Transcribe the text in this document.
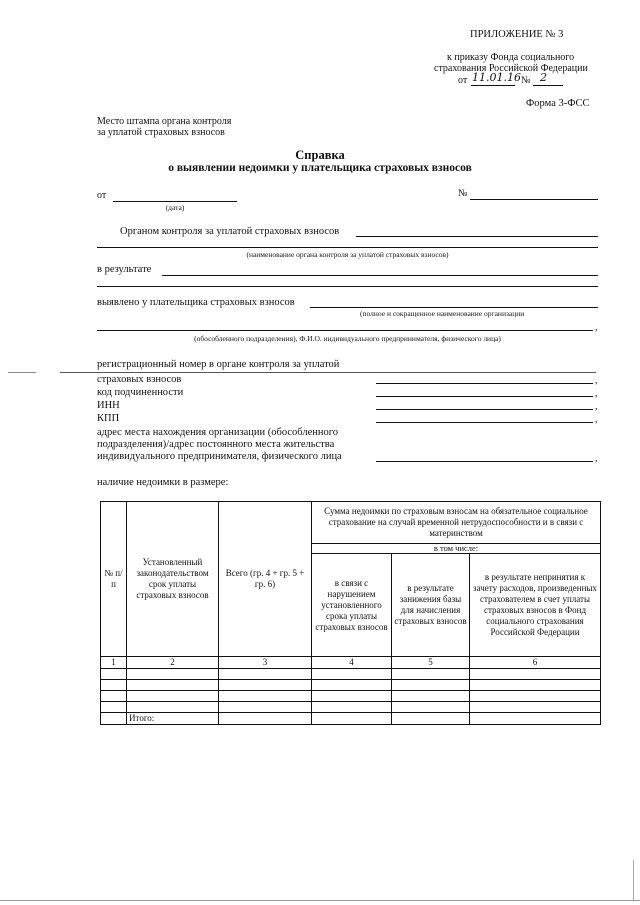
ПРИЛОЖЕНИЕ № 3
к приказу Фонда социального
страхования Российской Федерации
от 11.01.16 № 2
Форма 3-ФСС
Место штампа органа контроля
за уплатой страховых взносов
Справка
о выявлении недоимки у плательщика страховых взносов
от
(дата)
№
Органом контроля за уплатой страховых взносов
(наименование органа контроля за уплатой страховых взносов)
в результате
выявлено у плательщика страховых взносов
(полное и сокращенное наименование организации
,
(обособленного подразделения), Ф.И.О. индивидуального предпринимателя, физического лица)
регистрационный номер в органе контроля за уплатой
страховых взносов	,
код подчиненности	,
ИНН	,
КПП	,
адрес места нахождения организации (обособленного
подразделения)/адрес постоянного места жительства
индивидуального предпринимателя, физического лица	,
наличие недоимки в размере:
№ п/п	Установленный законодательством срок уплаты страховых взносов	Всего (гр. 4 + гр. 5 + гр. 6)	Сумма недоимки по страховым взносам на обязательное социальное страхование на случай временной нетрудоспособности и в связи с материнством		
			в том числе:		
			в связи с нарушением установленного срока уплаты страховых взносов	в результате занижения базы для начисления страховых взносов	в результате непринятия к зачету расходов, произведенных страхователем в счет уплаты страховых взносов в Фонд социального страхования Российской Федерации
1	2	3	4	5	6

	Итого:				
